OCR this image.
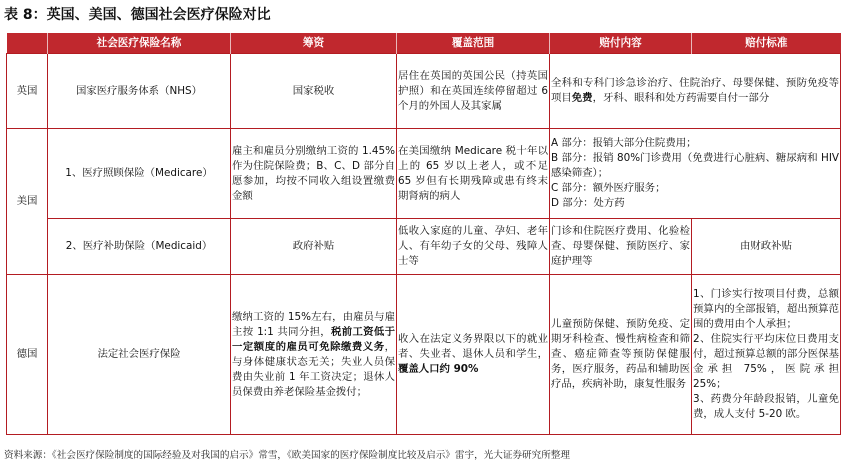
表 8：英国、美国、德国社会医疗保险对比
	社会医疗保险名称	筹资	覆盖范围	赔付内容	赔付标准
英国	国家医疗服务体系（NHS）	国家税收	居住在英国的英国公民（持英国护照）和在英国连续停留超过 6 个月的外国人及其家属	全科和专科门诊急诊治疗、住院治疗、母婴保健、预防免疫等项目免费，牙科、眼科和处方药需要自付一部分	
美国	1、医疗照顾保险（Medicare）	雇主和雇员分别缴纳工资的 1.45%作为住院保险费；B、C、D 部分自愿参加，均按不同收入组设置缴费金额	在美国缴纳 Medicare 税十年以上的 65 岁以上老人，或不足 65 岁但有长期残障或患有终末期肾病的病人	A 部分：报销大部分住院费用；
B 部分：报销 80%门诊费用（免费进行心脏病、糖尿病和 HIV 感染筛查）；
C 部分：额外医疗服务；
D 部分：处方药	

	2、医疗补助保险（Medicaid）	政府补贴	低收入家庭的儿童、孕妇、老年人、有年幼子女的父母、残障人士等	门诊和住院医疗费用、化验检查、母婴保健、预防医疗、家庭护理等	由财政补贴
德国	法定社会医疗保险	缴纳工资的 15%左右，由雇员与雇主按 1:1 共同分担，税前工资低于一定额度的雇员可免除缴费义务，与身体健康状态无关；失业人员保费由失业前 1 年工资决定；退休人员保费由养老保险基金拨付；	收入在法定义务界限以下的就业者、失业者、退休人员和学生，覆盖人口约 90%	儿童预防保健、预防免疫、定期牙科检查、慢性病检查和筛查、癌症筛查等预防保健服务，医疗服务，药品和辅助医疗品，疾病补助，康复性服务	1、门诊实行按项目付费，总额预算内的全部报销，超出预算范围的费用由个人承担；
2、住院实行平均床位日费用支付，超过预算总额的部分医保基金承担 75%，医院承担 25%；
3、药费分年龄段报销，儿童免费，成人支付 5-20 欧。
资料来源：《社会医疗保险制度的国际经验及对我国的启示》常雪，《欧美国家的医疗保险制度比较及启示》雷宇，光大证券研究所整理
